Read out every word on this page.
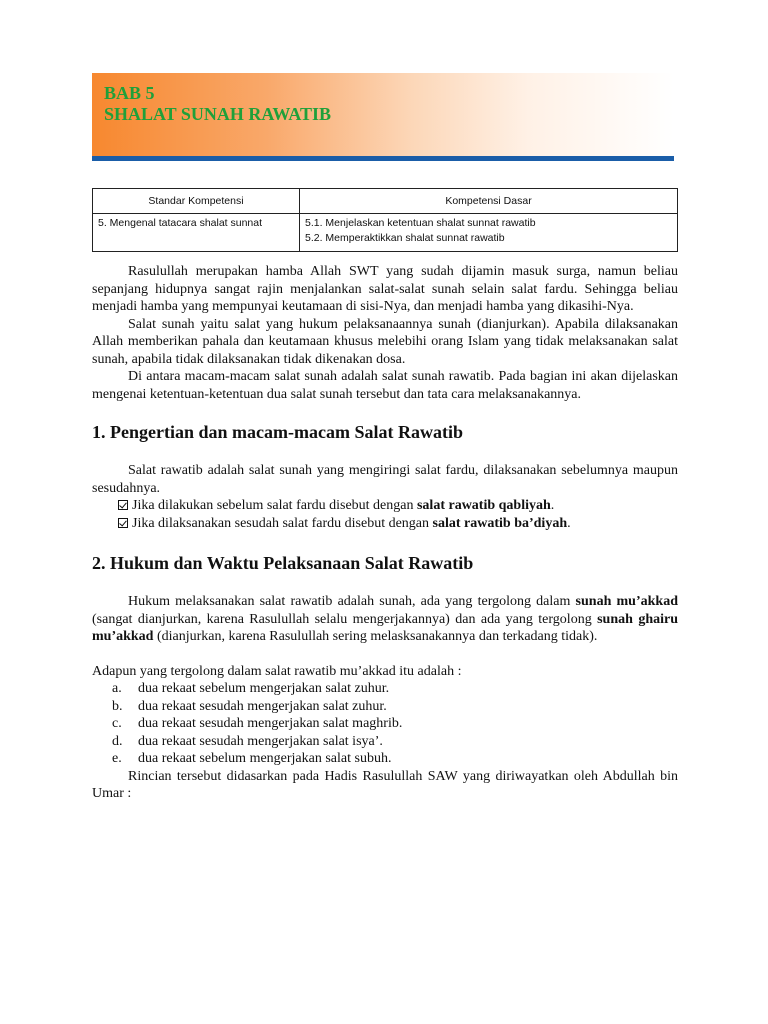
BAB 5
SHALAT SUNAH RAWATIB
Standar Kompetensi	Kompetensi Dasar
5. Mengenal tatacara shalat sunnat	5.1. Menjelaskan ketentuan shalat sunnat rawatib
5.2. Memperaktikkan shalat sunnat rawatib

Rasulullah merupakan hamba Allah SWT yang sudah dijamin masuk surga, namun beliau sepanjang hidupnya sangat rajin menjalankan salat-salat sunah selain salat fardu. Sehingga beliau menjadi hamba yang mempunyai keutamaan di sisi-Nya, dan menjadi hamba yang dikasihi-Nya.

Salat sunah yaitu salat yang hukum pelaksanaannya sunah (dianjurkan). Apabila dilaksanakan Allah memberikan pahala dan keutamaan khusus melebihi orang Islam yang tidak melaksanakan salat sunah, apabila tidak dilaksanakan tidak dikenakan dosa.

Di antara macam-macam salat sunah adalah salat sunah rawatib. Pada bagian ini akan dijelaskan mengenai ketentuan-ketentuan dua salat sunah tersebut dan tata cara melaksanakannya.

1. Pengertian dan macam-macam Salat Rawatib

Salat rawatib adalah salat sunah yang mengiringi salat fardu, dilaksanakan sebelumnya maupun sesudahnya.

Jika dilakukan sebelum salat fardu disebut dengan salat rawatib qabliyah.
Jika dilaksanakan sesudah salat fardu disebut dengan salat rawatib ba’diyah.
2. Hukum dan Waktu Pelaksanaan Salat Rawatib

Hukum melaksanakan salat rawatib adalah sunah, ada yang tergolong dalam sunah mu’akkad (sangat dianjurkan, karena Rasulullah selalu mengerjakannya) dan ada yang tergolong sunah ghairu mu’akkad (dianjurkan, karena Rasulullah sering melasksanakannya dan terkadang tidak).

Adapun yang tergolong dalam salat rawatib mu’akkad itu adalah :

a. dua rekaat sebelum mengerjakan salat zuhur.
b. dua rekaat sesudah mengerjakan salat zuhur.
c. dua rekaat sesudah mengerjakan salat maghrib.
d. dua rekaat sesudah mengerjakan salat isya’.
e. dua rekaat sebelum mengerjakan salat subuh.

Rincian tersebut didasarkan pada Hadis Rasulullah SAW yang diriwayatkan oleh Abdullah bin Umar :
